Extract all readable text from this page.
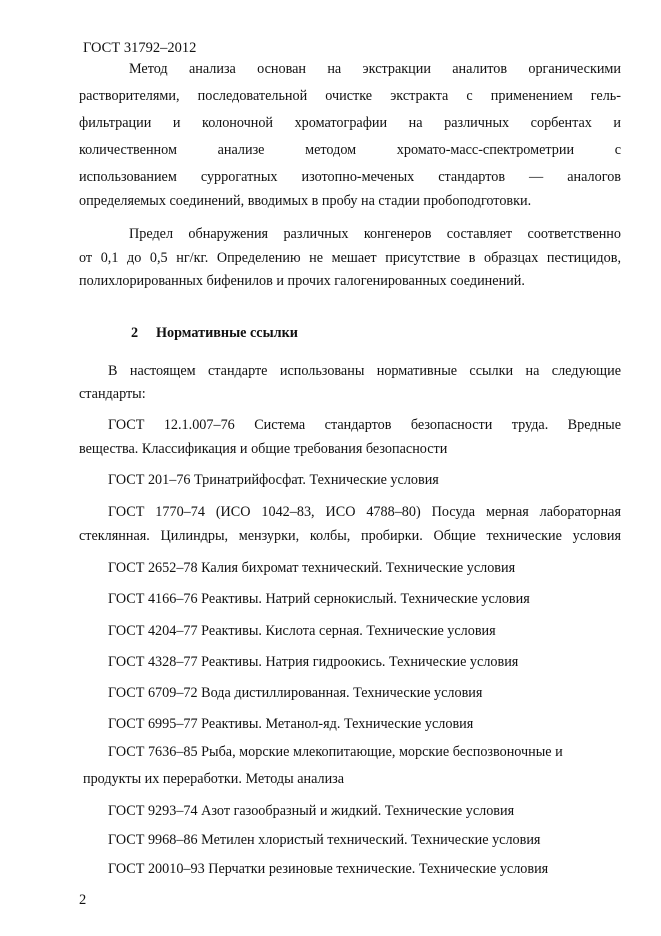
ГОСТ 31792–2012
Метод анализа основан на экстракции аналитов органическими
растворителями, последовательной очистке экстракта с применением гель-
фильтрации и колоночной хроматографии на различных сорбентах и
количественном анализе методом хромато-масс-спектрометрии с
использованием суррогатных изотопно-меченых стандартов — аналогов
определяемых соединений, вводимых в пробу на стадии пробоподготовки.
Предел обнаружения различных конгенеров составляет соответственно
от 0,1 до 0,5 нг/кг. Определению не мешает присутствие в образцах пестицидов,
полихлорированных бифенилов и прочих галогенированных соединений.
2	Нормативные ссылки
В настоящем стандарте использованы нормативные ссылки на следующие
стандарты:
ГОСТ 12.1.007–76 Система стандартов безопасности труда. Вредные
вещества. Классификация и общие требования безопасности
ГОСТ 201–76 Тринатрийфосфат. Технические условия
ГОСТ 1770–74 (ИСО 1042–83, ИСО 4788–80) Посуда мерная лабораторная
стеклянная. Цилиндры, мензурки, колбы, пробирки. Общие технические условия
ГОСТ 2652–78 Калия бихромат технический. Технические условия
ГОСТ 4166–76 Реактивы. Натрий сернокислый. Технические условия
ГОСТ 4204–77 Реактивы. Кислота серная. Технические условия
ГОСТ 4328–77 Реактивы. Натрия гидроокись. Технические условия
ГОСТ 6709–72 Вода дистиллированная. Технические условия
ГОСТ 6995–77 Реактивы. Метанол-яд. Технические условия
ГОСТ 7636–85 Рыба, морские млекопитающие, морские беспозвоночные и
продукты их переработки. Методы анализа
ГОСТ 9293–74 Азот газообразный и жидкий. Технические условия
ГОСТ 9968–86 Метилен хлористый технический. Технические условия
ГОСТ 20010–93 Перчатки резиновые технические. Технические условия
2
